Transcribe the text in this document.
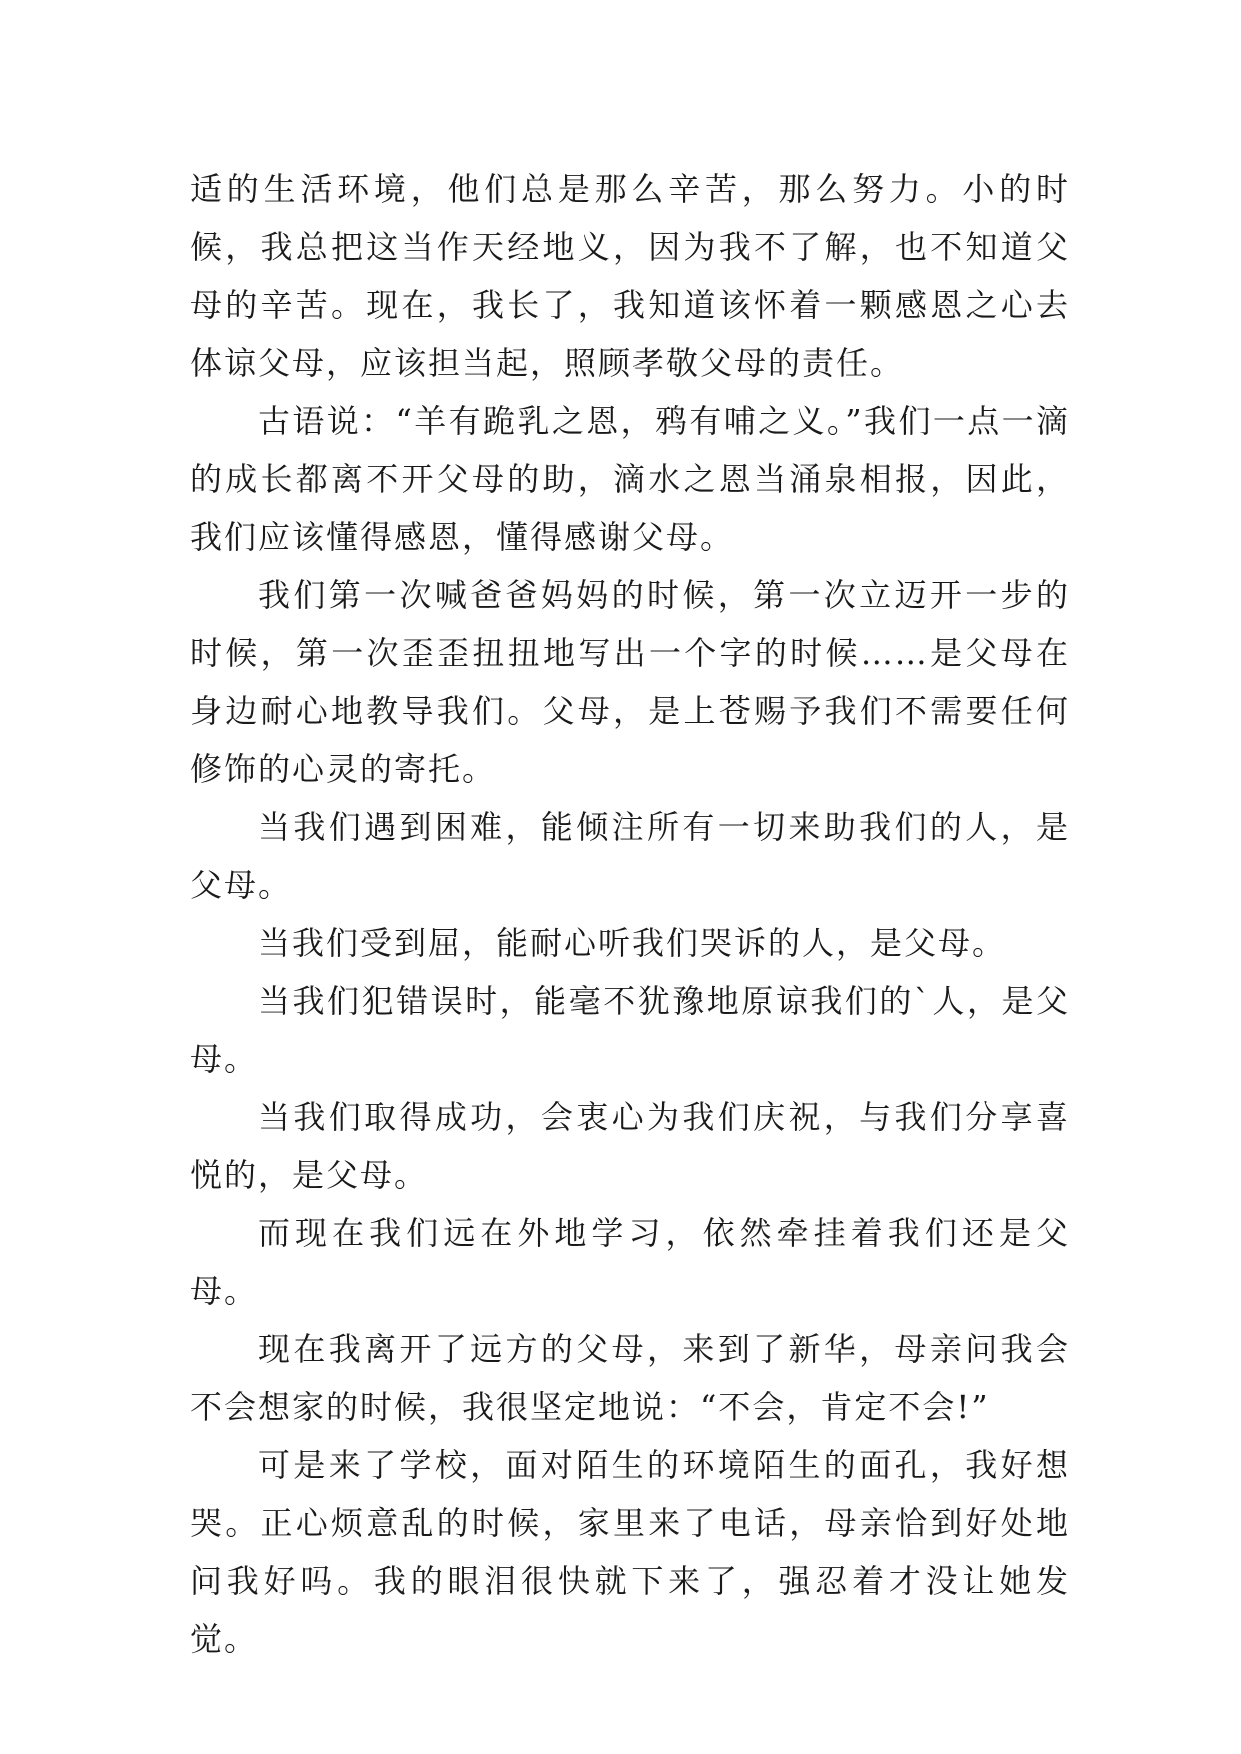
适的生活环境，他们总是那么辛苦，那么努力。小的时候，我总把这当作天经地义，因为我不了解，也不知道父母的辛苦。现在，我长了，我知道该怀着一颗感恩之心去体谅父母，应该担当起，照顾孝敬父母的责任。

古语说：“羊有跪乳之恩，鸦有哺之义。”我们一点一滴的成长都离不开父母的助，滴水之恩当涌泉相报，因此，我们应该懂得感恩，懂得感谢父母。

我们第一次喊爸爸妈妈的时候，第一次立迈开一步的时候，第一次歪歪扭扭地写出一个字的时候……是父母在身边耐心地教导我们。父母，是上苍赐予我们不需要任何修饰的心灵的寄托。

当我们遇到困难，能倾注所有一切来助我们的人，是父母。

当我们受到屈，能耐心听我们哭诉的人，是父母。

当我们犯错误时，能毫不犹豫地原谅我们的`人，是父母。

当我们取得成功，会衷心为我们庆祝，与我们分享喜悦的，是父母。

而现在我们远在外地学习，依然牵挂着我们还是父母。

现在我离开了远方的父母，来到了新华，母亲问我会不会想家的时候，我很坚定地说：“不会，肯定不会!”

可是来了学校，面对陌生的环境陌生的面孔，我好想哭。正心烦意乱的时候，家里来了电话，母亲恰到好处地问我好吗。我的眼泪很快就下来了，强忍着才没让她发觉。
